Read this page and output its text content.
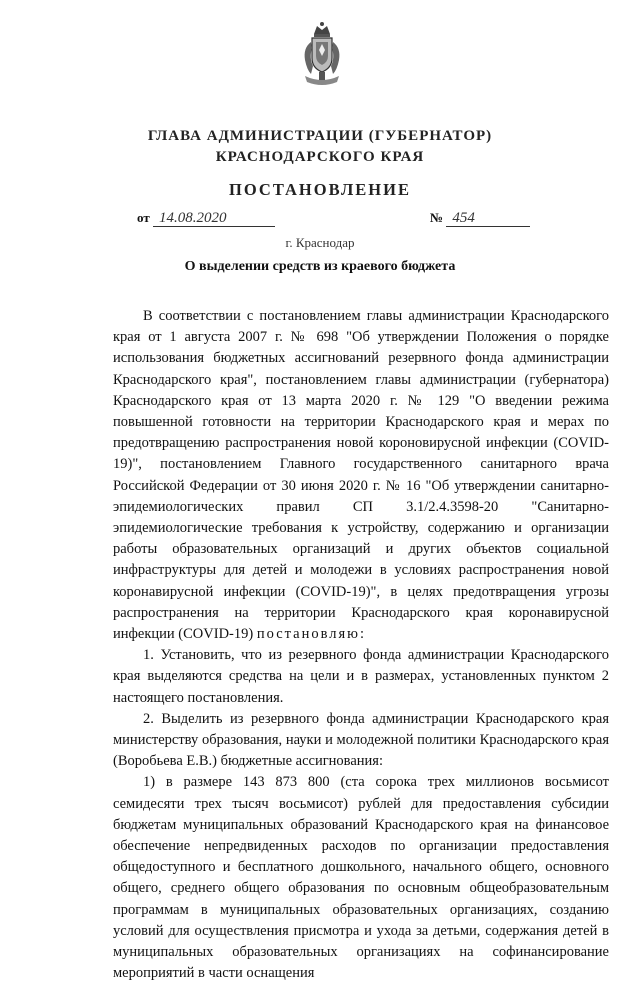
ГЛАВА АДМИНИСТРАЦИИ (ГУБЕРНАТОР)
КРАСНОДАРСКОГО КРАЯ
ПОСТАНОВЛЕНИЕ
от 14.08.2020	№ 454
г. Краснодар
О выделении средств из краевого бюджета

В соответствии с постановлением главы администрации Краснодарского края от 1 августа 2007 г. № 698 "Об утверждении Положения о порядке использования бюджетных ассигнований резервного фонда администрации Краснодарского края", постановлением главы администрации (губернатора) Краснодарского края от 13 марта 2020 г. № 129 "О введении режима повышенной готовности на территории Краснодарского края и мерах по предотвращению распространения новой короновирусной инфекции (COVID-19)", постановлением Главного государственного санитарного врача Российской Федерации от 30 июня 2020 г. № 16 "Об утверждении санитарно-эпидемиологических правил СП 3.1/2.4.3598-20 "Санитарно-эпидемиологические требования к устройству, содержанию и организации работы образовательных организаций и других объектов социальной инфраструктуры для детей и молодежи в условиях распространения новой коронавирусной инфекции (COVID-19)", в целях предотвращения угрозы распространения на территории Краснодарского края коронавирусной инфекции (COVID-19) постановляю:

1. Установить, что из резервного фонда администрации Краснодарского края выделяются средства на цели и в размерах, установленных пунктом 2 настоящего постановления.

2. Выделить из резервного фонда администрации Краснодарского края министерству образования, науки и молодежной политики Краснодарского края (Воробьева Е.В.) бюджетные ассигнования:

1) в размере 143 873 800 (ста сорока трех миллионов восьмисот семидесяти трех тысяч восьмисот) рублей для предоставления субсидии бюджетам муниципальных образований Краснодарского края на финансовое обеспечение непредвиденных расходов по организации предоставления общедоступного и бесплатного дошкольного, начального общего, основного общего, среднего общего образования по основным общеобразовательным программам в муниципальных образовательных организациях, созданию условий для осуществления присмотра и ухода за детьми, содержания детей в муниципальных образовательных организациях на софинансирование мероприятий в части оснащения
